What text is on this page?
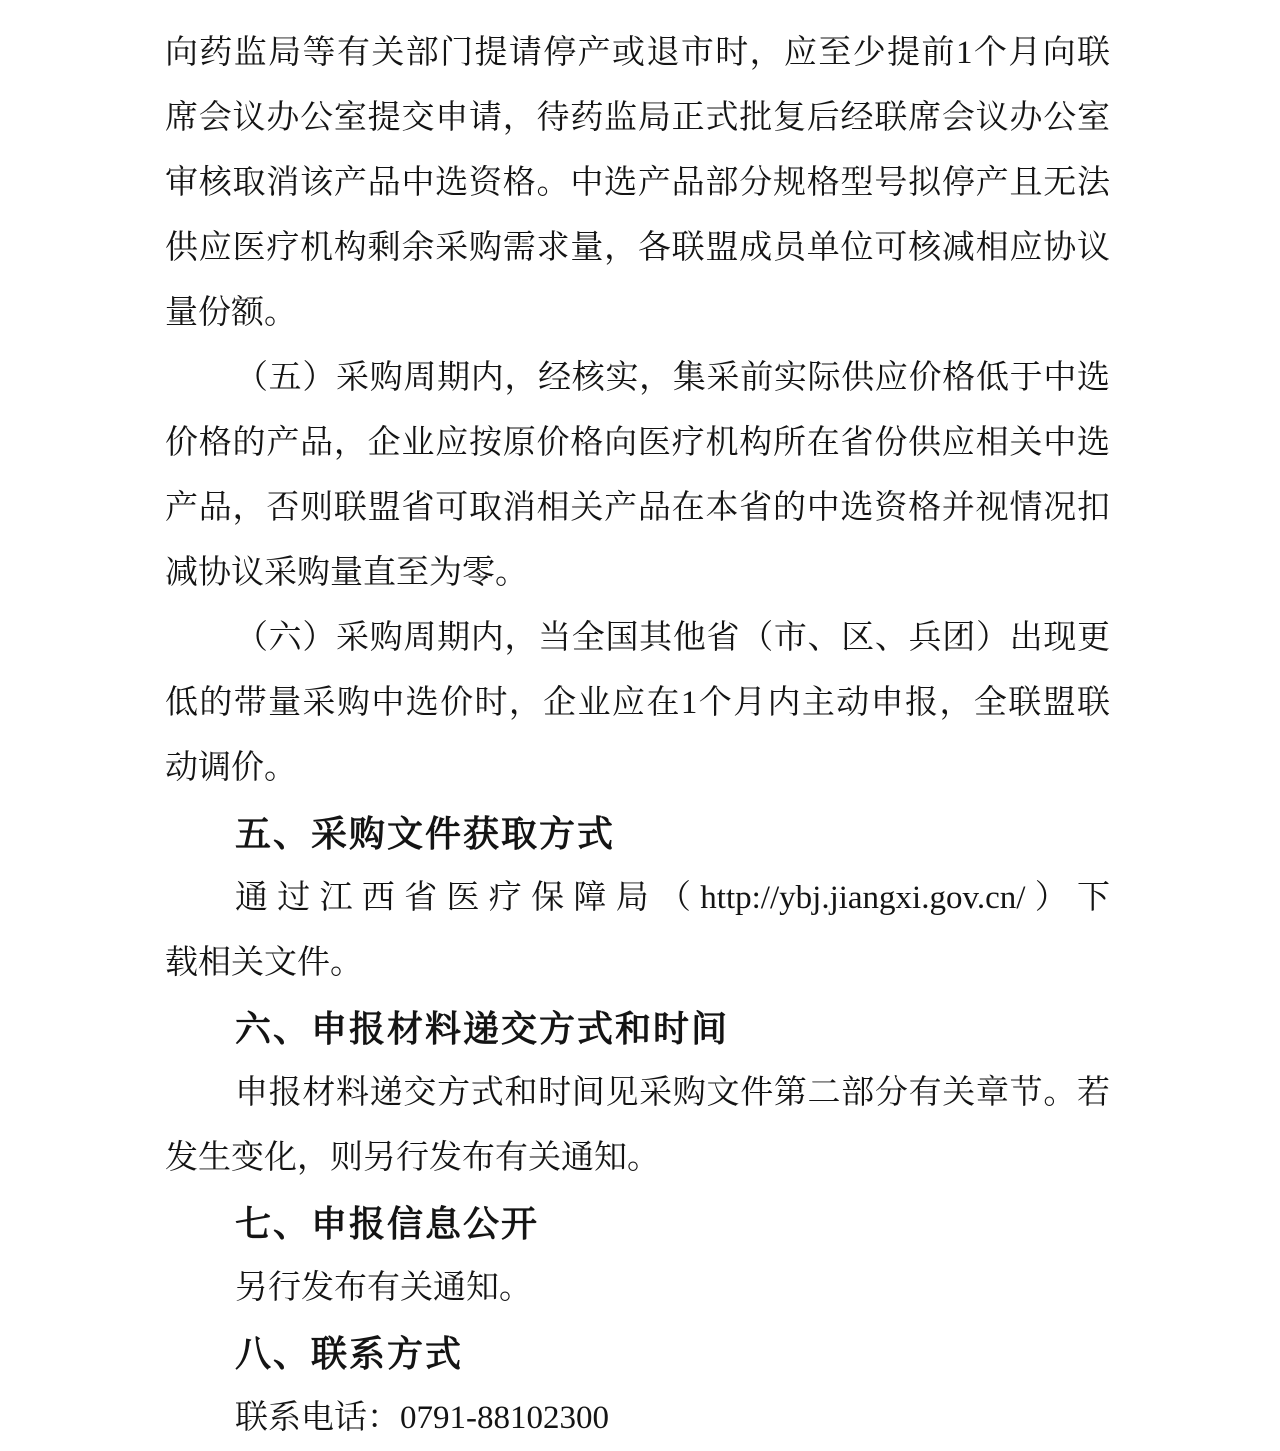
向药监局等有关部门提请停产或退市时，应至少提前1个月向联
席会议办公室提交申请，待药监局正式批复后经联席会议办公室
审核取消该产品中选资格。中选产品部分规格型号拟停产且无法
供应医疗机构剩余采购需求量，各联盟成员单位可核减相应协议
量份额。
（五）采购周期内，经核实，集采前实际供应价格低于中选
价格的产品，企业应按原价格向医疗机构所在省份供应相关中选
产品，否则联盟省可取消相关产品在本省的中选资格并视情况扣
减协议采购量直至为零。
（六）采购周期内，当全国其他省（市、区、兵团）出现更
低的带量采购中选价时，企业应在1个月内主动申报，全联盟联
动调价。
五、采购文件获取方式
通过江西省医疗保障局（http://ybj.jiangxi.gov.cn/）下
载相关文件。
六、申报材料递交方式和时间
申报材料递交方式和时间见采购文件第二部分有关章节。若
发生变化，则另行发布有关通知。
七、申报信息公开
另行发布有关通知。
八、联系方式
联系电话：0791-88102300
